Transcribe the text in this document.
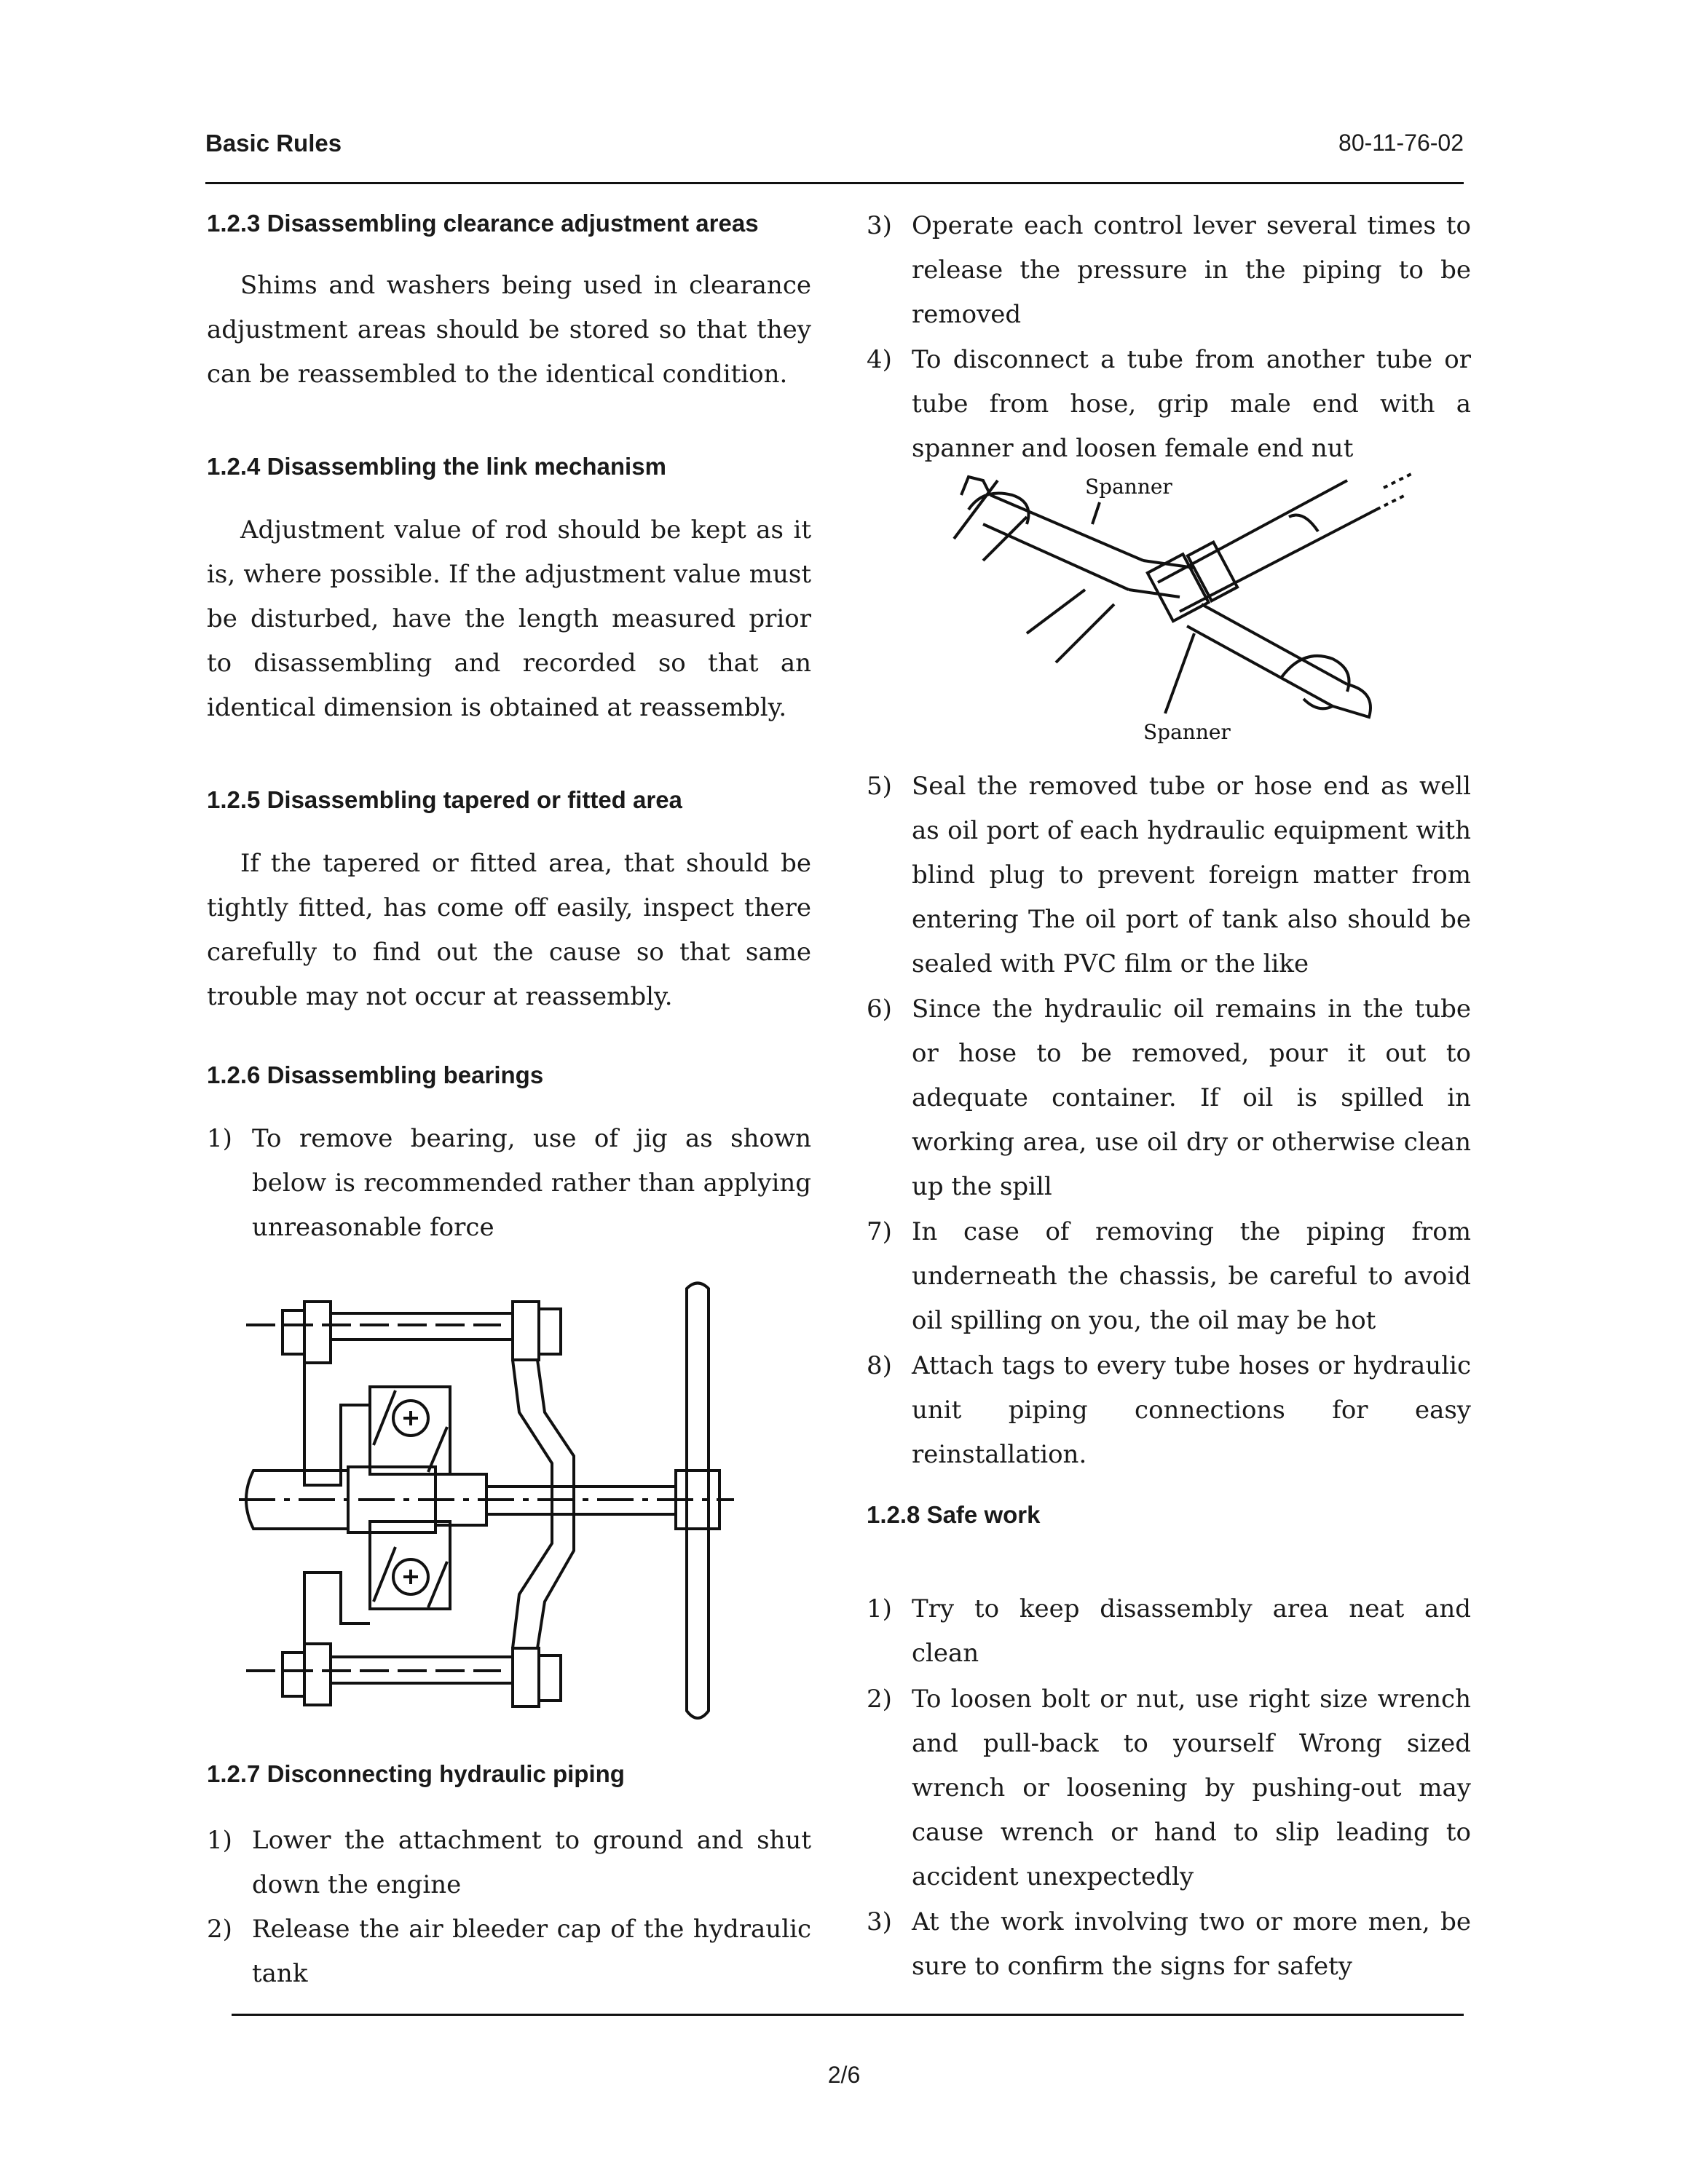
Basic Rules	80-11-76-02
1.2.3 Disassembling clearance adjustment areas

Shims and washers being used in clearance adjustment areas should be stored so that they can be reassembled to the identical condition.

1.2.4 Disassembling the link mechanism

Adjustment value of rod should be kept as it is, where possible. If the adjustment value must be disturbed, have the length measured prior to disassembling and recorded so that an identical dimension is obtained at reassembly.

1.2.5 Disassembling tapered or fitted area

If the tapered or fitted area, that should be tightly fitted, has come off easily, inspect there carefully to find out the cause so that same trouble may not occur at reassembly.

1.2.6 Disassembling bearings
1) To remove bearing, use of jig as shown below is recommended rather than applying unreasonable force
1.2.7 Disconnecting hydraulic piping
1) Lower the attachment to ground and shut down the engine
2) Release the air bleeder cap of the hydraulic tank
3) Operate each control lever several times to release the pressure in the piping to be removed
4) To disconnect a tube from another tube or tube from hose, grip male end with a spanner and loosen female end nut
Spanner
Spanner
5) Seal the removed tube or hose end as well as oil port of each hydraulic equipment with blind plug to prevent foreign matter from entering The oil port of tank also should be sealed with PVC film or the like
6) Since the hydraulic oil remains in the tube or hose to be removed, pour it out to adequate container. If oil is spilled in working area, use oil dry or otherwise clean up the spill
7) In case of removing the piping from underneath the chassis, be careful to avoid oil spilling on you, the oil may be hot
8) Attach tags to every tube hoses or hydraulic unit piping connections for easy reinstallation.
1.2.8 Safe work
1) Try to keep disassembly area neat and clean
2) To loosen bolt or nut, use right size wrench and pull-back to yourself Wrong sized wrench or loosening by pushing-out may cause wrench or hand to slip leading to accident unexpectedly
3) At the work involving two or more men, be sure to confirm the signs for safety
2/6
